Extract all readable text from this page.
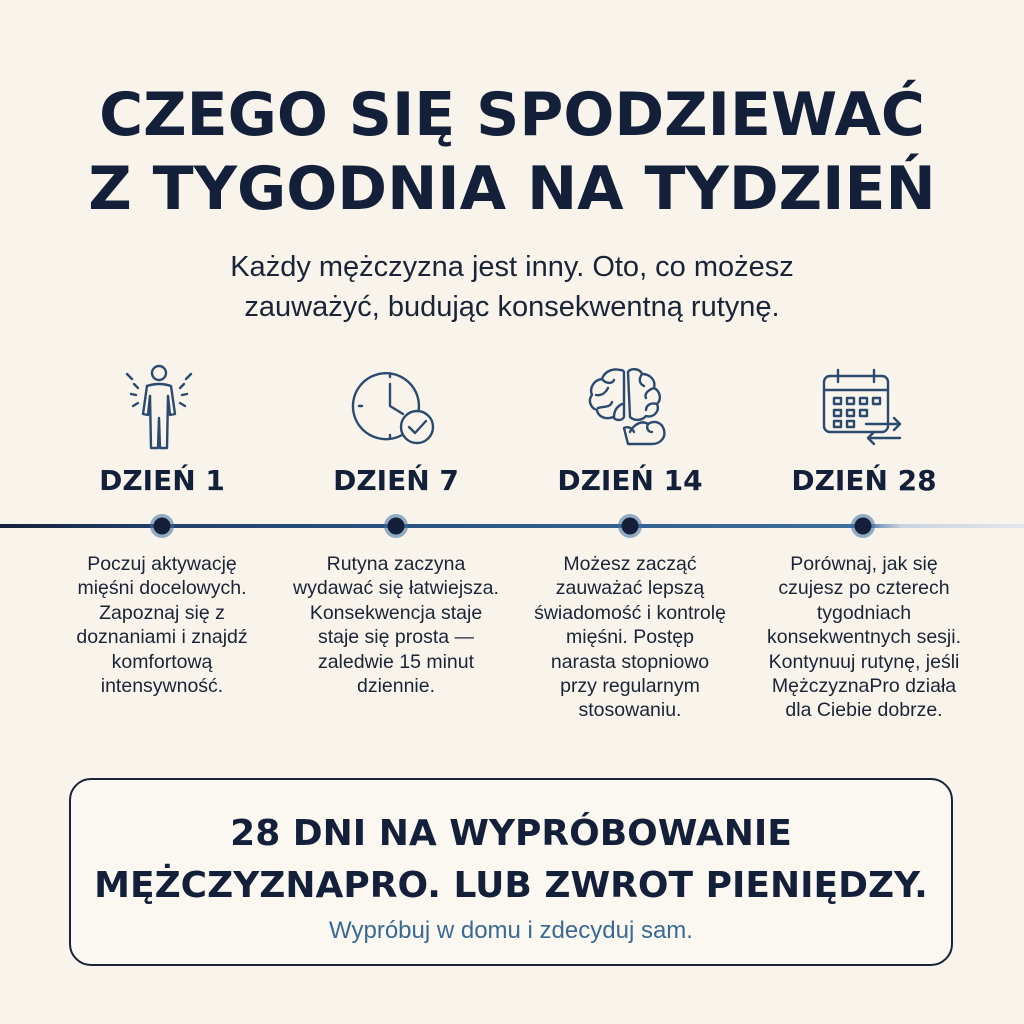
CZEGO SIĘ SPODZIEWAĆ
Z TYGODNIA NA TYDZIEŃ
Każdy mężczyzna jest inny. Oto, co możesz
zauważyć, budując konsekwentną rutynę.
DZIEŃ 1	DZIEŃ 7	DZIEŃ 14	DZIEŃ 28
Poczuj aktywację
mięśni docelowych.
Zapoznaj się z
doznaniami i znajdź
komfortową
intensywność.
Rutyna zaczyna
wydawać się łatwiejsza.
Konsekwencja staje
staje się prosta —
zaledwie 15 minut
dziennie.
Możesz zacząć
zauważać lepszą
świadomość i kontrolę
mięśni. Postęp
narasta stopniowo
przy regularnym
stosowaniu.
Porównaj, jak się
czujesz po czterech
tygodniach
konsekwentnych sesji.
Kontynuuj rutynę, jeśli
MężczyznaPro działa
dla Ciebie dobrze.
28 DNI NA WYPRÓBOWANIE
MĘŻCZYZNAPRO. LUB ZWROT PIENIĘDZY.
Wypróbuj w domu i zdecyduj sam.
